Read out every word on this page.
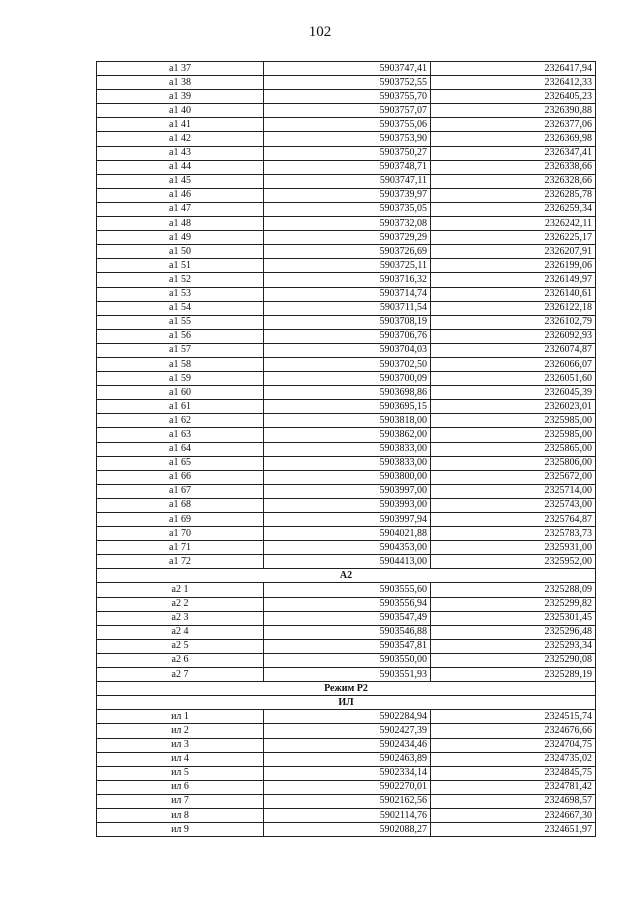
102
a1 37	5903747,41	2326417,94
a1 38	5903752,55	2326412,33
a1 39	5903755,70	2326405,23
a1 40	5903757,07	2326390,88
a1 41	5903755,06	2326377,06
a1 42	5903753,90	2326369,98
a1 43	5903750,27	2326347,41
a1 44	5903748,71	2326338,66
a1 45	5903747,11	2326328,66
a1 46	5903739,97	2326285,78
a1 47	5903735,05	2326259,34
a1 48	5903732,08	2326242,11
a1 49	5903729,29	2326225,17
a1 50	5903726,69	2326207,91
a1 51	5903725,11	2326199,06
a1 52	5903716,32	2326149,97
a1 53	5903714,74	2326140,61
a1 54	5903711,54	2326122,18
a1 55	5903708,19	2326102,79
a1 56	5903706,76	2326092,93
a1 57	5903704,03	2326074,87
a1 58	5903702,50	2326066,07
a1 59	5903700,09	2326051,60
a1 60	5903698,86	2326045,39
a1 61	5903695,15	2326023,01
a1 62	5903818,00	2325985,00
a1 63	5903862,00	2325985,00
a1 64	5903833,00	2325865,00
a1 65	5903833,00	2325806,00
a1 66	5903800,00	2325672,00
a1 67	5903997,00	2325714,00
a1 68	5903993,00	2325743,00
a1 69	5903997,94	2325764,87
a1 70	5904021,88	2325783,73
a1 71	5904353,00	2325931,00
a1 72	5904413,00	2325952,00
A2		
a2 1	5903555,60	2325288,09
a2 2	5903556,94	2325299,82
a2 3	5903547,49	2325301,45
a2 4	5903546,88	2325296,48
a2 5	5903547,81	2325293,34
a2 6	5903550,00	2325290,08
a2 7	5903551,93	2325289,19
Режим Р2		
ИЛ		
ил 1	5902284,94	2324515,74
ил 2	5902427,39	2324676,66
ил 3	5902434,46	2324704,75
ил 4	5902463,89	2324735,02
ил 5	5902334,14	2324845,75
ил 6	5902270,01	2324781,42
ил 7	5902162,56	2324698,57
ил 8	5902114,76	2324667,30
ил 9	5902088,27	2324651,97
